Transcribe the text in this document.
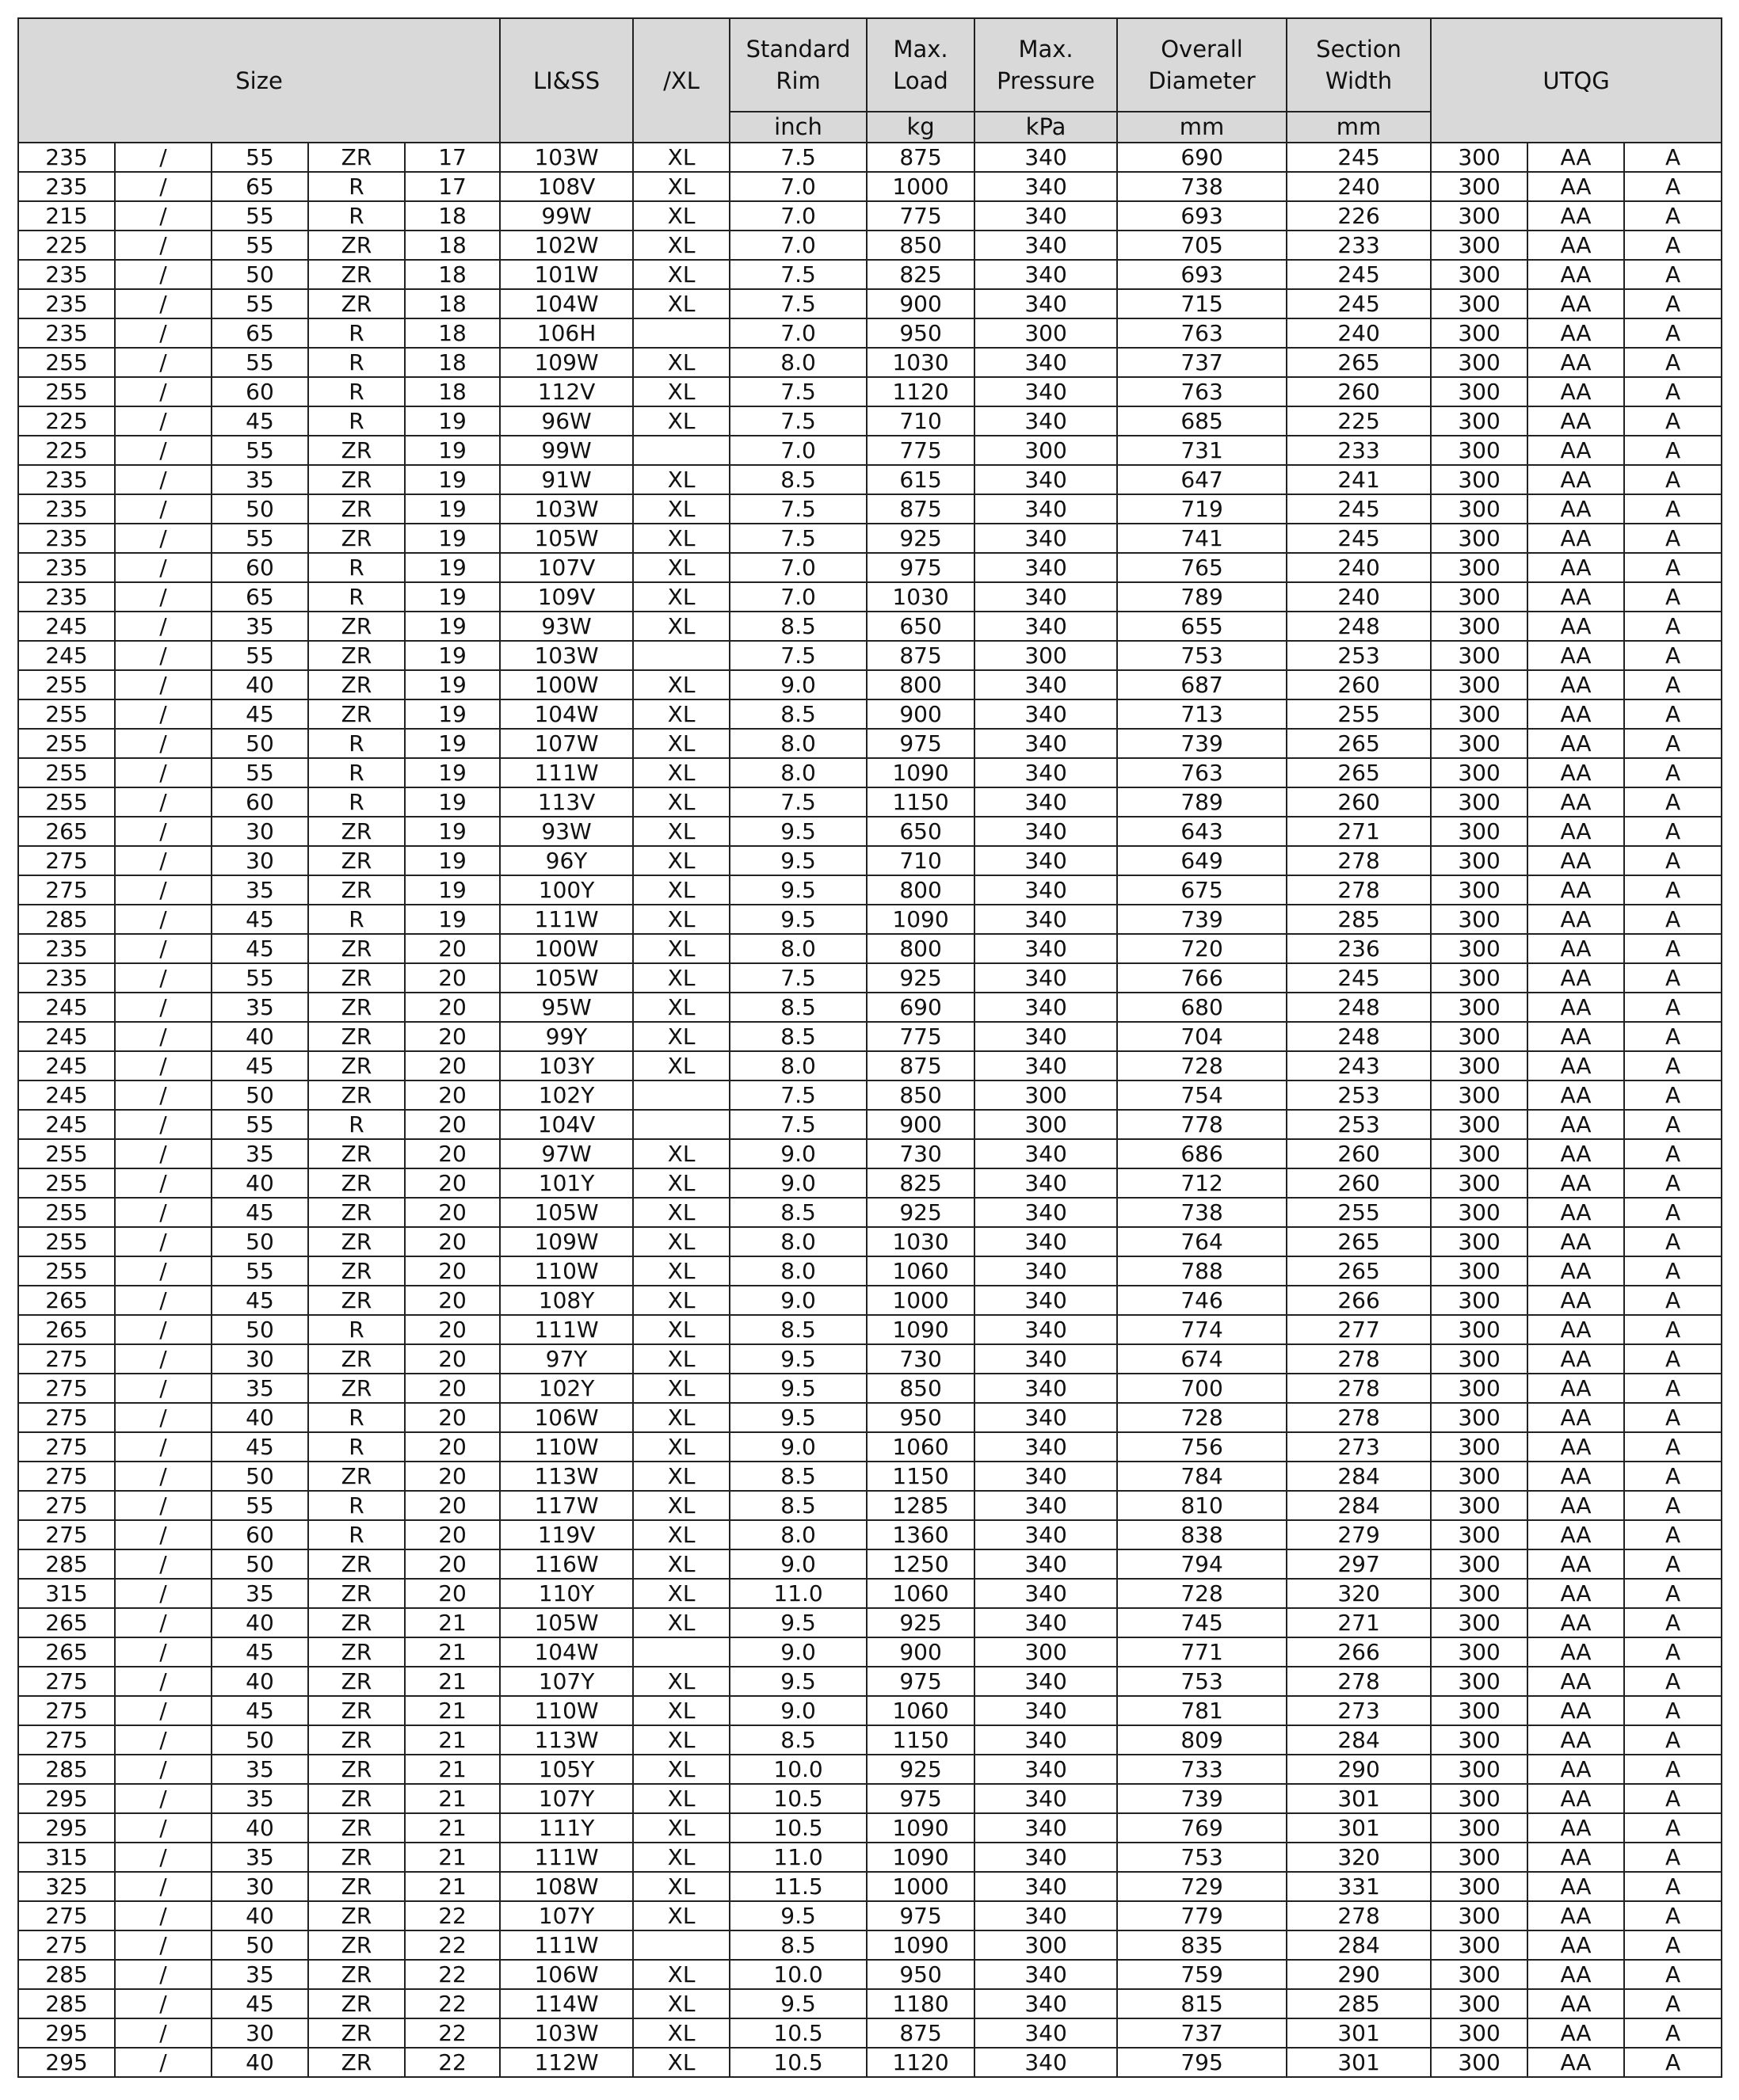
Size					LI&SS	/XL	Standard Rim	Max. Load	Max. Pressure	Overall Diameter	Section Width	UTQG		
							inch	kg	kPa	mm	mm			
235	/	55	ZR	17	103W	XL	7.5	875	340	690	245	300	AA	A
235	/	65	R	17	108V	XL	7.0	1000	340	738	240	300	AA	A
215	/	55	R	18	99W	XL	7.0	775	340	693	226	300	AA	A
225	/	55	ZR	18	102W	XL	7.0	850	340	705	233	300	AA	A
235	/	50	ZR	18	101W	XL	7.5	825	340	693	245	300	AA	A
235	/	55	ZR	18	104W	XL	7.5	900	340	715	245	300	AA	A
235	/	65	R	18	106H		7.0	950	300	763	240	300	AA	A
255	/	55	R	18	109W	XL	8.0	1030	340	737	265	300	AA	A
255	/	60	R	18	112V	XL	7.5	1120	340	763	260	300	AA	A
225	/	45	R	19	96W	XL	7.5	710	340	685	225	300	AA	A
225	/	55	ZR	19	99W		7.0	775	300	731	233	300	AA	A
235	/	35	ZR	19	91W	XL	8.5	615	340	647	241	300	AA	A
235	/	50	ZR	19	103W	XL	7.5	875	340	719	245	300	AA	A
235	/	55	ZR	19	105W	XL	7.5	925	340	741	245	300	AA	A
235	/	60	R	19	107V	XL	7.0	975	340	765	240	300	AA	A
235	/	65	R	19	109V	XL	7.0	1030	340	789	240	300	AA	A
245	/	35	ZR	19	93W	XL	8.5	650	340	655	248	300	AA	A
245	/	55	ZR	19	103W		7.5	875	300	753	253	300	AA	A
255	/	40	ZR	19	100W	XL	9.0	800	340	687	260	300	AA	A
255	/	45	ZR	19	104W	XL	8.5	900	340	713	255	300	AA	A
255	/	50	R	19	107W	XL	8.0	975	340	739	265	300	AA	A
255	/	55	R	19	111W	XL	8.0	1090	340	763	265	300	AA	A
255	/	60	R	19	113V	XL	7.5	1150	340	789	260	300	AA	A
265	/	30	ZR	19	93W	XL	9.5	650	340	643	271	300	AA	A
275	/	30	ZR	19	96Y	XL	9.5	710	340	649	278	300	AA	A
275	/	35	ZR	19	100Y	XL	9.5	800	340	675	278	300	AA	A
285	/	45	R	19	111W	XL	9.5	1090	340	739	285	300	AA	A
235	/	45	ZR	20	100W	XL	8.0	800	340	720	236	300	AA	A
235	/	55	ZR	20	105W	XL	7.5	925	340	766	245	300	AA	A
245	/	35	ZR	20	95W	XL	8.5	690	340	680	248	300	AA	A
245	/	40	ZR	20	99Y	XL	8.5	775	340	704	248	300	AA	A
245	/	45	ZR	20	103Y	XL	8.0	875	340	728	243	300	AA	A
245	/	50	ZR	20	102Y		7.5	850	300	754	253	300	AA	A
245	/	55	R	20	104V		7.5	900	300	778	253	300	AA	A
255	/	35	ZR	20	97W	XL	9.0	730	340	686	260	300	AA	A
255	/	40	ZR	20	101Y	XL	9.0	825	340	712	260	300	AA	A
255	/	45	ZR	20	105W	XL	8.5	925	340	738	255	300	AA	A
255	/	50	ZR	20	109W	XL	8.0	1030	340	764	265	300	AA	A
255	/	55	ZR	20	110W	XL	8.0	1060	340	788	265	300	AA	A
265	/	45	ZR	20	108Y	XL	9.0	1000	340	746	266	300	AA	A
265	/	50	R	20	111W	XL	8.5	1090	340	774	277	300	AA	A
275	/	30	ZR	20	97Y	XL	9.5	730	340	674	278	300	AA	A
275	/	35	ZR	20	102Y	XL	9.5	850	340	700	278	300	AA	A
275	/	40	R	20	106W	XL	9.5	950	340	728	278	300	AA	A
275	/	45	R	20	110W	XL	9.0	1060	340	756	273	300	AA	A
275	/	50	ZR	20	113W	XL	8.5	1150	340	784	284	300	AA	A
275	/	55	R	20	117W	XL	8.5	1285	340	810	284	300	AA	A
275	/	60	R	20	119V	XL	8.0	1360	340	838	279	300	AA	A
285	/	50	ZR	20	116W	XL	9.0	1250	340	794	297	300	AA	A
315	/	35	ZR	20	110Y	XL	11.0	1060	340	728	320	300	AA	A
265	/	40	ZR	21	105W	XL	9.5	925	340	745	271	300	AA	A
265	/	45	ZR	21	104W		9.0	900	300	771	266	300	AA	A
275	/	40	ZR	21	107Y	XL	9.5	975	340	753	278	300	AA	A
275	/	45	ZR	21	110W	XL	9.0	1060	340	781	273	300	AA	A
275	/	50	ZR	21	113W	XL	8.5	1150	340	809	284	300	AA	A
285	/	35	ZR	21	105Y	XL	10.0	925	340	733	290	300	AA	A
295	/	35	ZR	21	107Y	XL	10.5	975	340	739	301	300	AA	A
295	/	40	ZR	21	111Y	XL	10.5	1090	340	769	301	300	AA	A
315	/	35	ZR	21	111W	XL	11.0	1090	340	753	320	300	AA	A
325	/	30	ZR	21	108W	XL	11.5	1000	340	729	331	300	AA	A
275	/	40	ZR	22	107Y	XL	9.5	975	340	779	278	300	AA	A
275	/	50	ZR	22	111W		8.5	1090	300	835	284	300	AA	A
285	/	35	ZR	22	106W	XL	10.0	950	340	759	290	300	AA	A
285	/	45	ZR	22	114W	XL	9.5	1180	340	815	285	300	AA	A
295	/	30	ZR	22	103W	XL	10.5	875	340	737	301	300	AA	A
295	/	40	ZR	22	112W	XL	10.5	1120	340	795	301	300	AA	A
